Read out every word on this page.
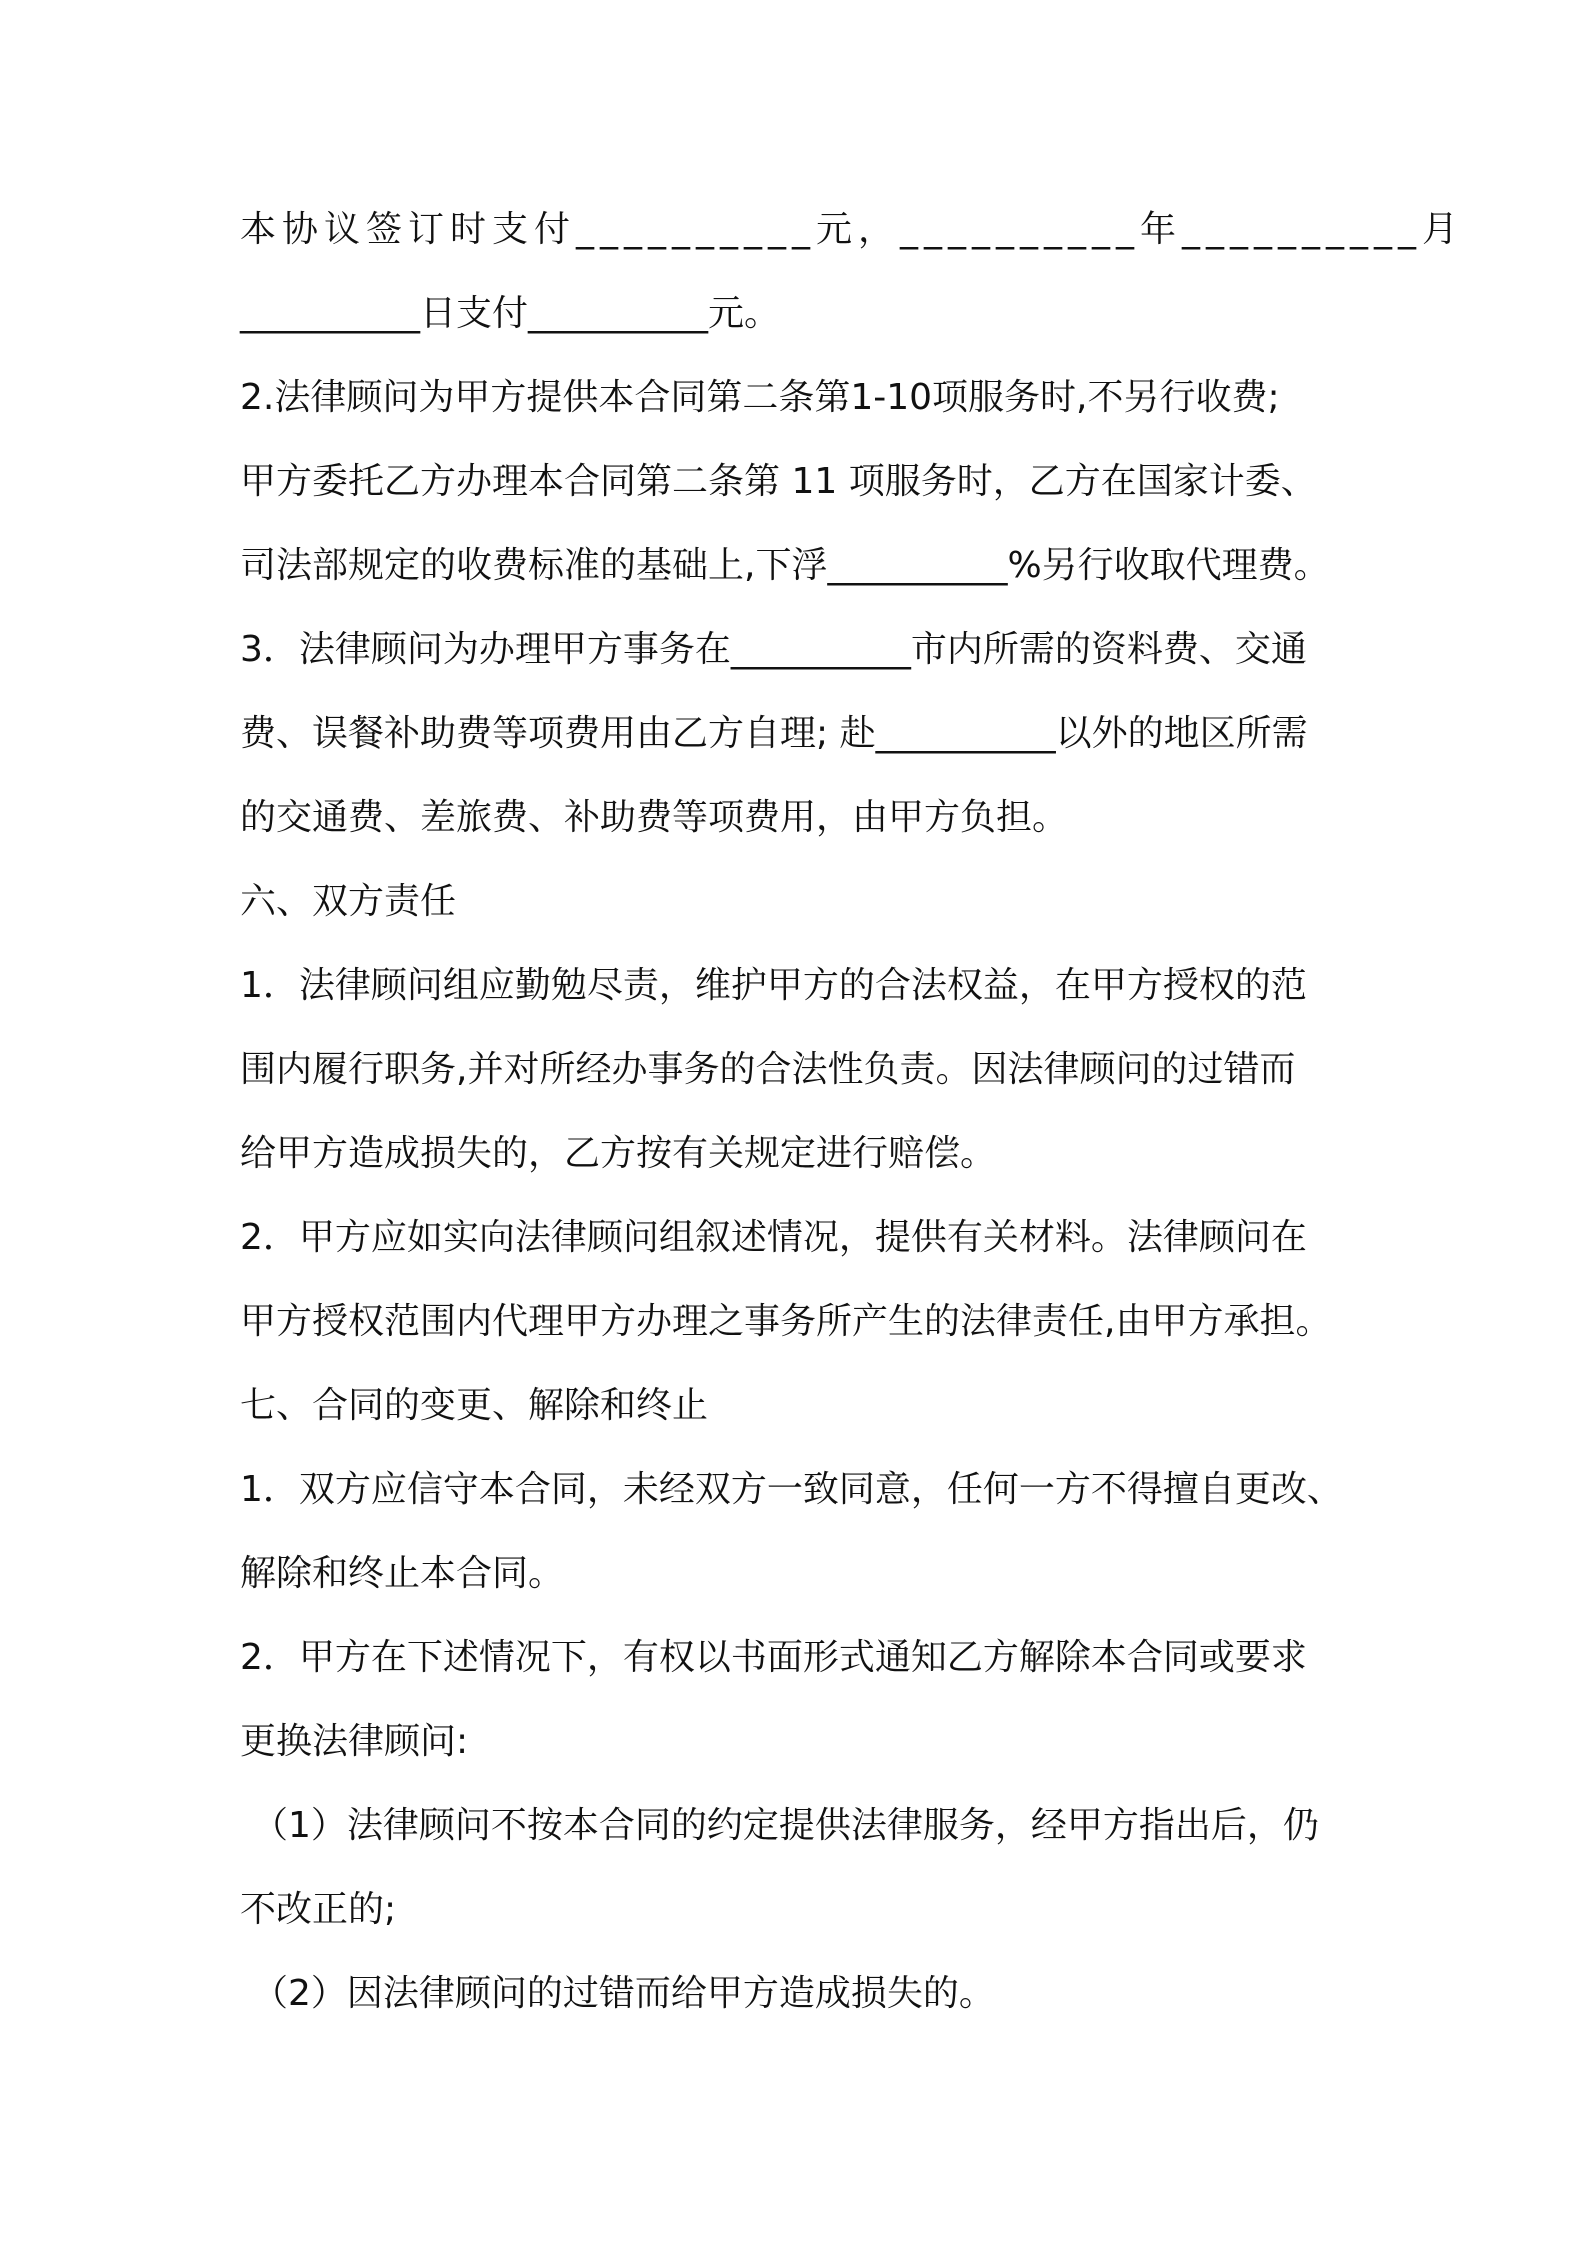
本协议签订时支付__________元，__________年__________月
__________日支付__________元。
2.法律顾问为甲方提供本合同第二条第1-10项服务时,不另行收费;
甲方委托乙方办理本合同第二条第 11 项服务时，乙方在国家计委、
司法部规定的收费标准的基础上,下浮__________%另行收取代理费。
3．法律顾问为办理甲方事务在__________市内所需的资料费、交通
费、误餐补助费等项费用由乙方自理; 赴__________以外的地区所需
的交通费、差旅费、补助费等项费用，由甲方负担。
六、双方责任
1．法律顾问组应勤勉尽责，维护甲方的合法权益，在甲方授权的范
围内履行职务,并对所经办事务的合法性负责。因法律顾问的过错而
给甲方造成损失的，乙方按有关规定进行赔偿。
2．甲方应如实向法律顾问组叙述情况，提供有关材料。法律顾问在
甲方授权范围内代理甲方办理之事务所产生的法律责任,由甲方承担。
七、合同的变更、解除和终止
1．双方应信守本合同，未经双方一致同意，任何一方不得擅自更改、
解除和终止本合同。
2．甲方在下述情况下，有权以书面形式通知乙方解除本合同或要求
更换法律顾问:
（1）法律顾问不按本合同的约定提供法律服务，经甲方指出后，仍
不改正的;
（2）因法律顾问的过错而给甲方造成损失的。
